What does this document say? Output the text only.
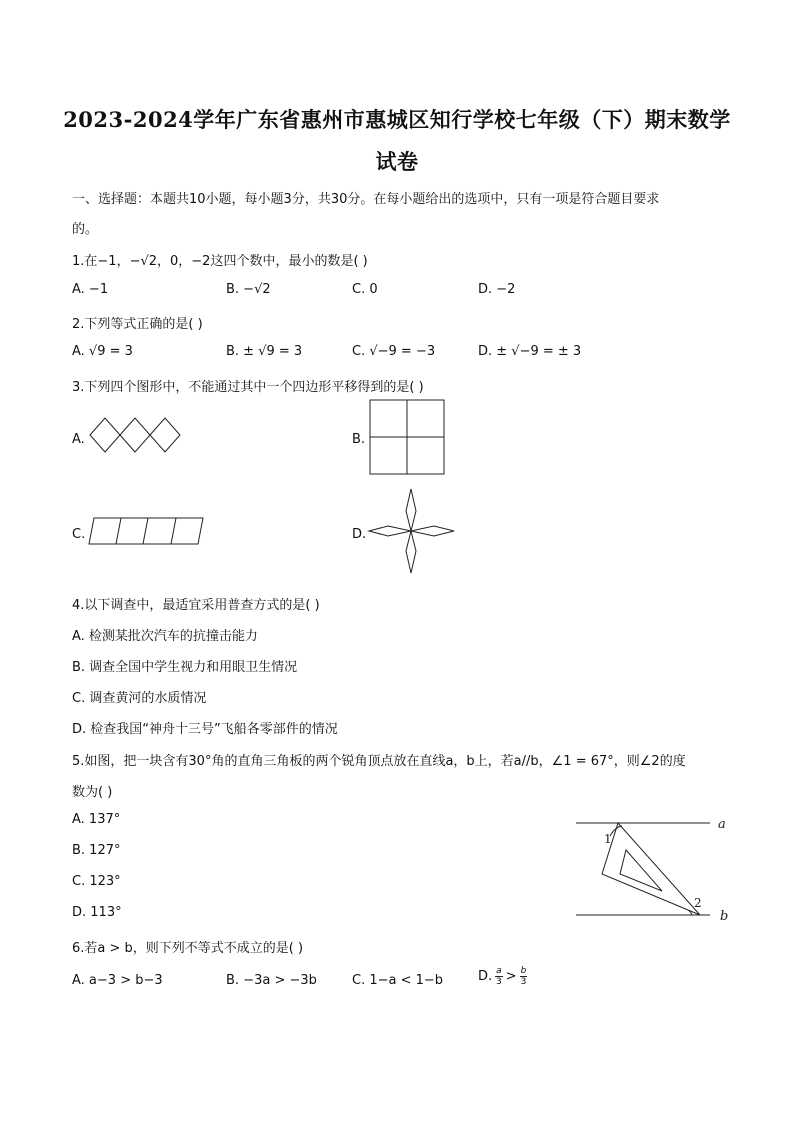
2023-2024学年广东省惠州市惠城区知行学校七年级（下）期末数学
试卷
一、选择题：本题共10小题，每小题3分，共30分。在每小题给出的选项中，只有一项是符合题目要求
的。
1.在−1，−√2，0，−2这四个数中，最小的数是( )
A. −1	B. −√2	C. 0	D. −2
2.下列等式正确的是( )
A. √9 = 3	B. ± √9 = 3	C. √−9 = −3	D. ± √−9 = ± 3
3.下列四个图形中，不能通过其中一个四边形平移得到的是( )
A.	B.
C.	D.
4.以下调查中，最适宜采用普查方式的是( )
A. 检测某批次汽车的抗撞击能力
B. 调查全国中学生视力和用眼卫生情况
C. 调查黄河的水质情况
D. 检查我国“神舟十三号”飞船各零部件的情况
5.如图，把一块含有30°角的直角三角板的两个锐角顶点放在直线a，b上，若a//b，∠1 = 67°，则∠2的度
数为( )
A. 137°
B. 127°
C. 123°
D. 113°
a
b
1
2
6.若a > b，则下列不等式不成立的是( )
A. a−3 > b−3	B. −3a > −3b	C. 1−a < 1−b	D. $\frac{a}{3} > \frac{b}{3}$
